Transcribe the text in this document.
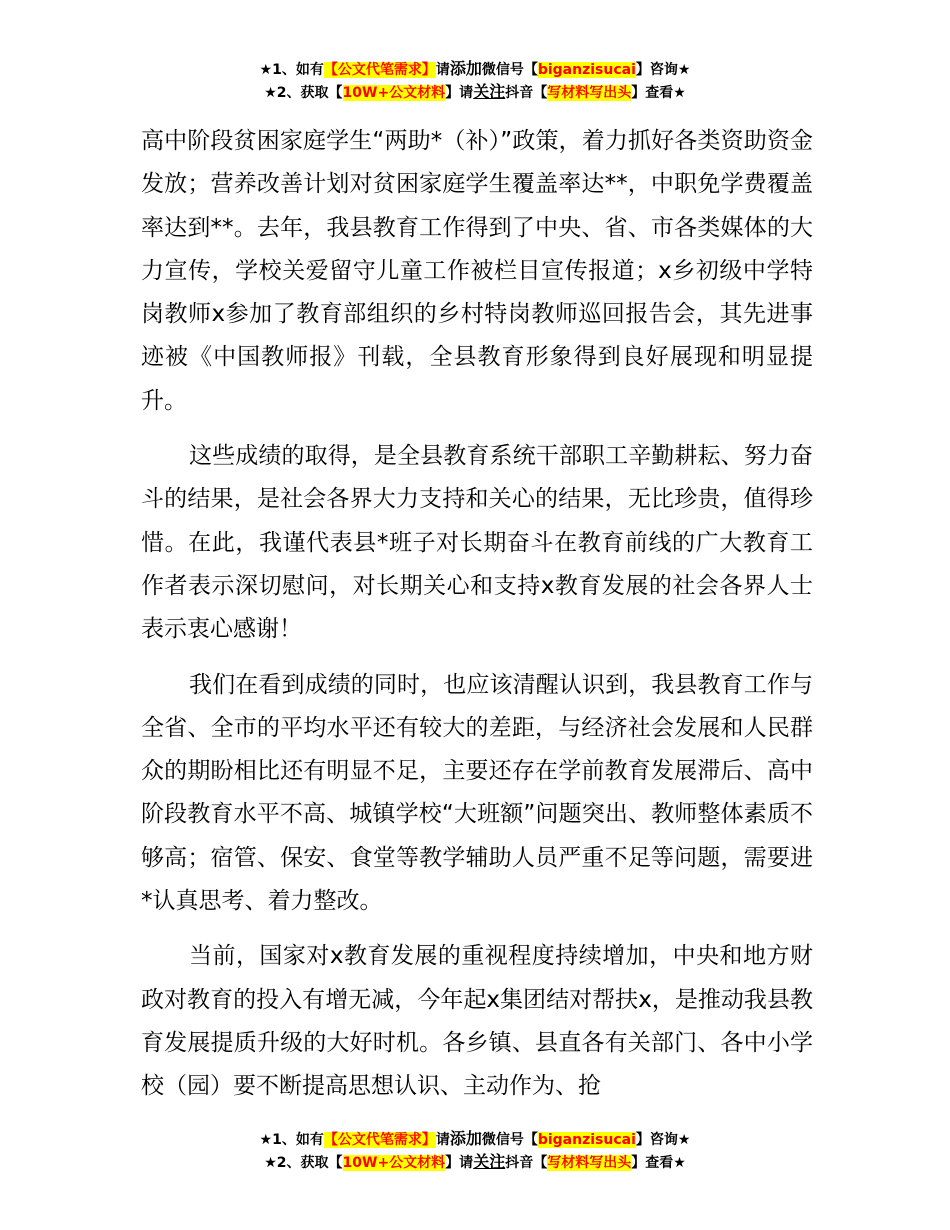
★1、如有【公文代笔需求】请添加微信号【biganzisucai】咨询★
★2、获取【10W+公文材料】请关注抖音【写材料写出头】查看★

高中阶段贫困家庭学生“两助*（补）”政策，着力抓好各类资助资金发放；营养改善计划对贫困家庭学生覆盖率达**，中职免学费覆盖率达到**。去年，我县教育工作得到了中央、省、市各类媒体的大力宣传，学校关爱留守儿童工作被栏目宣传报道；x乡初级中学特岗教师x参加了教育部组织的乡村特岗教师巡回报告会，其先进事迹被《中国教师报》刊载，全县教育形象得到良好展现和明显提升。

这些成绩的取得，是全县教育系统干部职工辛勤耕耘、努力奋斗的结果，是社会各界大力支持和关心的结果，无比珍贵，值得珍惜。在此，我谨代表县*班子对长期奋斗在教育前线的广大教育工作者表示深切慰问，对长期关心和支持x教育发展的社会各界人士表示衷心感谢！

我们在看到成绩的同时，也应该清醒认识到，我县教育工作与全省、全市的平均水平还有较大的差距，与经济社会发展和人民群众的期盼相比还有明显不足，主要还存在学前教育发展滞后、高中阶段教育水平不高、城镇学校“大班额”问题突出、教师整体素质不够高；宿管、保安、食堂等教学辅助人员严重不足等问题，需要进*认真思考、着力整改。

当前，国家对x教育发展的重视程度持续增加，中央和地方财政对教育的投入有增无减，今年起x集团结对帮扶x，是推动我县教育发展提质升级的大好时机。各乡镇、县直各有关部门、各中小学校（园）要不断提高思想认识、主动作为、抢

★1、如有【公文代笔需求】请添加微信号【biganzisucai】咨询★
★2、获取【10W+公文材料】请关注抖音【写材料写出头】查看★
